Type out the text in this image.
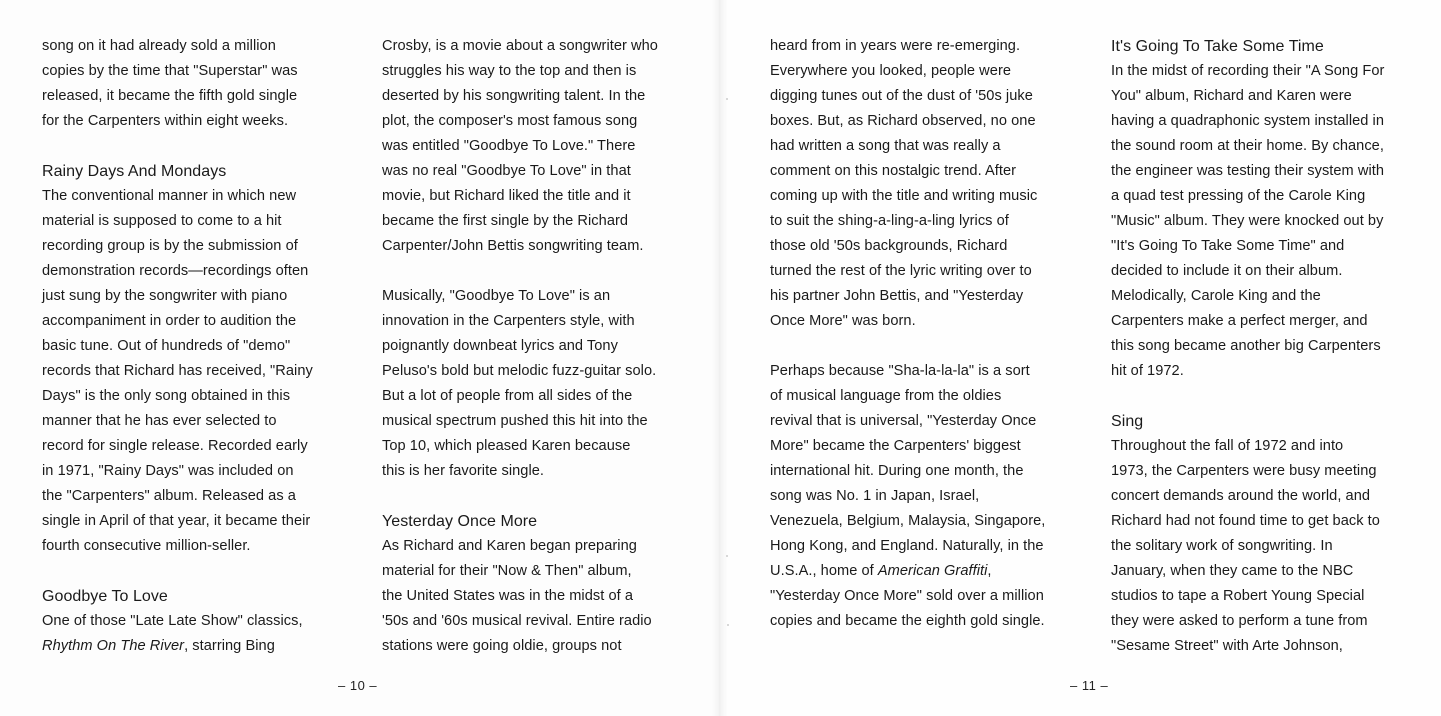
song on it had already sold a million
copies by the time that "Superstar" was
released, it became the fifth gold single
for the Carpenters within eight weeks.
Rainy Days And Mondays
The conventional manner in which new
material is supposed to come to a hit
recording group is by the submission of
demonstration records—recordings often
just sung by the songwriter with piano
accompaniment in order to audition the
basic tune. Out of hundreds of "demo"
records that Richard has received, "Rainy
Days" is the only song obtained in this
manner that he has ever selected to
record for single release. Recorded early
in 1971, "Rainy Days" was included on
the "Carpenters" album. Released as a
single in April of that year, it became their
fourth consecutive million-seller.
Goodbye To Love
One of those "Late Late Show" classics,
Rhythm On The River, starring Bing
Crosby, is a movie about a songwriter who
struggles his way to the top and then is
deserted by his songwriting talent. In the
plot, the composer's most famous song
was entitled "Goodbye To Love." There
was no real "Goodbye To Love" in that
movie, but Richard liked the title and it
became the first single by the Richard
Carpenter/John Bettis songwriting team.
Musically, "Goodbye To Love" is an
innovation in the Carpenters style, with
poignantly downbeat lyrics and Tony
Peluso's bold but melodic fuzz-guitar solo.
But a lot of people from all sides of the
musical spectrum pushed this hit into the
Top 10, which pleased Karen because
this is her favorite single.
Yesterday Once More
As Richard and Karen began preparing
material for their "Now & Then" album,
the United States was in the midst of a
'50s and '60s musical revival. Entire radio
stations were going oldie, groups not
– 10 –
heard from in years were re-emerging.
Everywhere you looked, people were
digging tunes out of the dust of '50s juke
boxes. But, as Richard observed, no one
had written a song that was really a
comment on this nostalgic trend. After
coming up with the title and writing music
to suit the shing-a-ling-a-ling lyrics of
those old '50s backgrounds, Richard
turned the rest of the lyric writing over to
his partner John Bettis, and "Yesterday
Once More" was born.
Perhaps because "Sha-la-la-la" is a sort
of musical language from the oldies
revival that is universal, "Yesterday Once
More" became the Carpenters' biggest
international hit. During one month, the
song was No. 1 in Japan, Israel,
Venezuela, Belgium, Malaysia, Singapore,
Hong Kong, and England. Naturally, in the
U.S.A., home of American Graffiti,
"Yesterday Once More" sold over a million
copies and became the eighth gold single.
It's Going To Take Some Time
In the midst of recording their "A Song For
You" album, Richard and Karen were
having a quadraphonic system installed in
the sound room at their home. By chance,
the engineer was testing their system with
a quad test pressing of the Carole King
"Music" album. They were knocked out by
"It's Going To Take Some Time" and
decided to include it on their album.
Melodically, Carole King and the
Carpenters make a perfect merger, and
this song became another big Carpenters
hit of 1972.
Sing
Throughout the fall of 1972 and into
1973, the Carpenters were busy meeting
concert demands around the world, and
Richard had not found time to get back to
the solitary work of songwriting. In
January, when they came to the NBC
studios to tape a Robert Young Special
they were asked to perform a tune from
"Sesame Street" with Arte Johnson,
– 11 –
